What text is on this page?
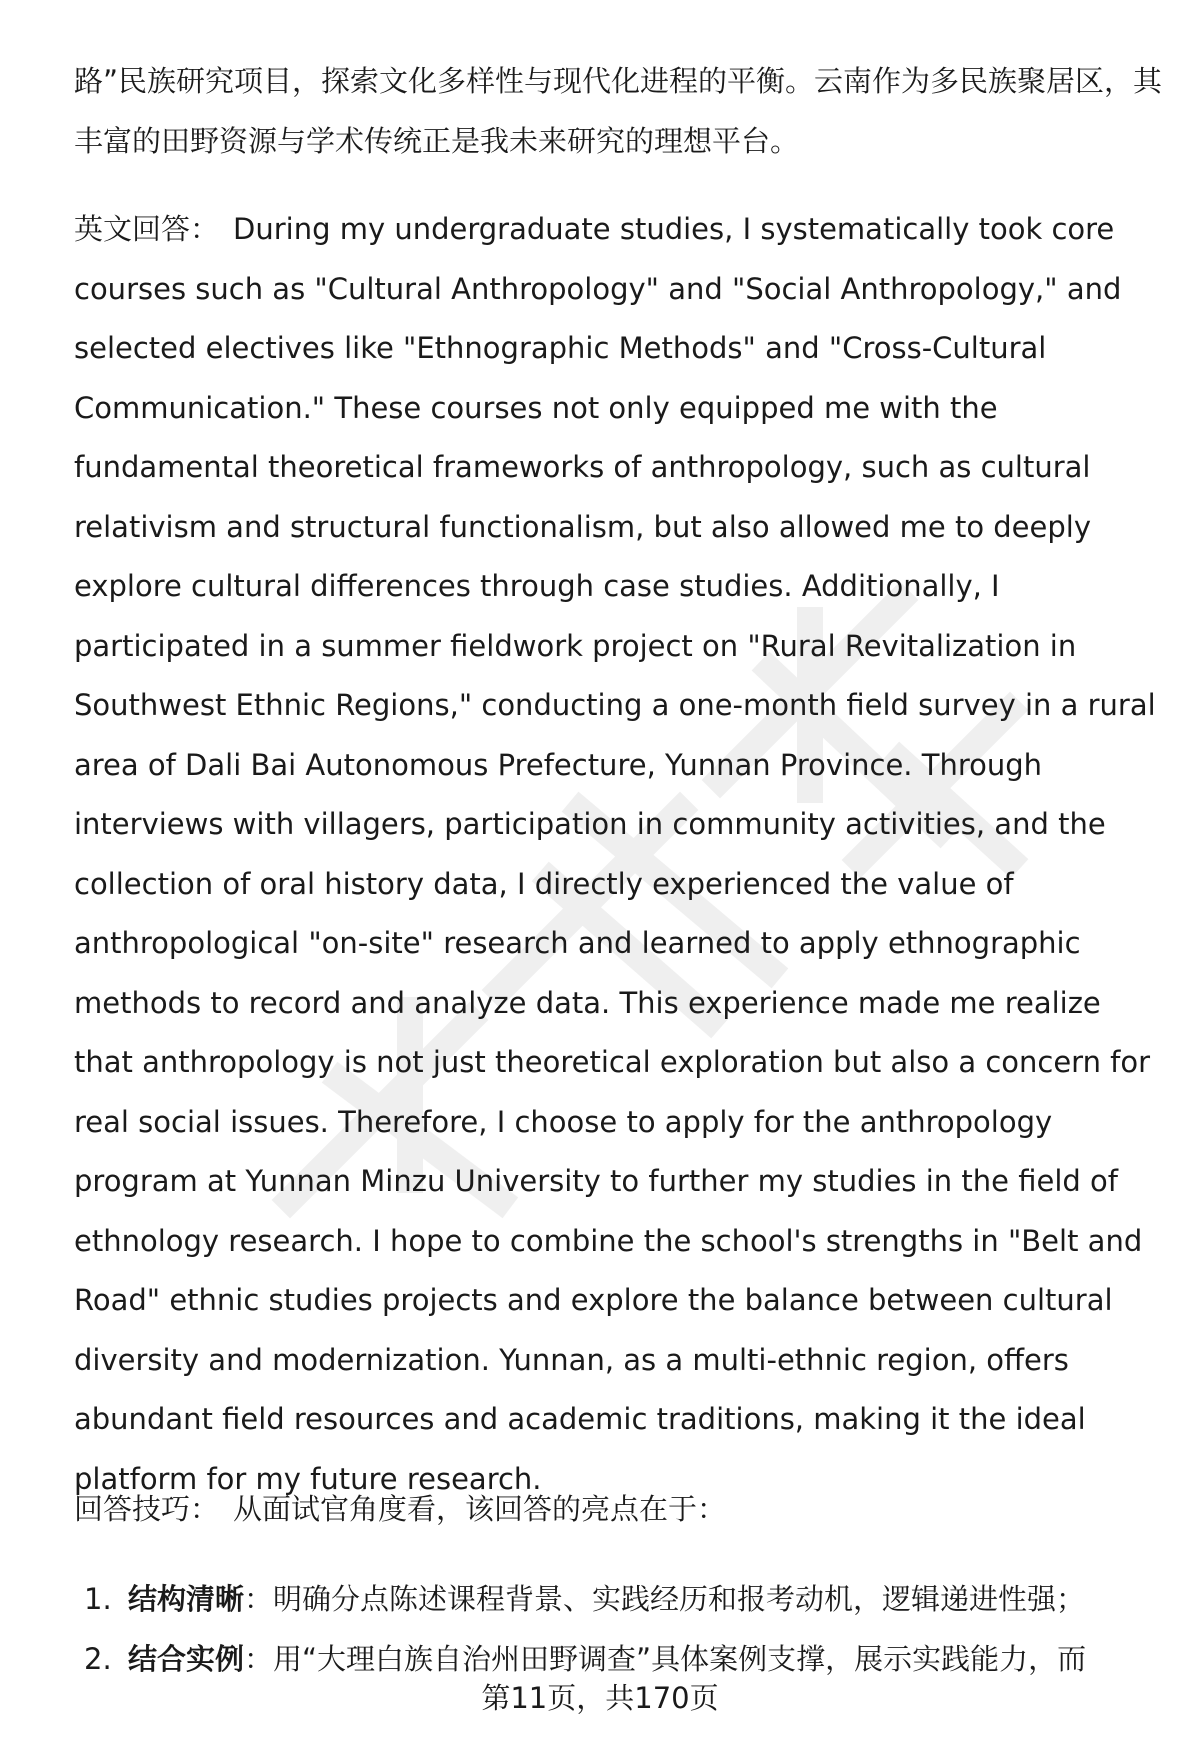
路”民族研究项目，探索文化多样性与现代化进程的平衡。云南作为多民族聚居区，其丰富的田野资源与学术传统正是我未来研究的理想平台。

英文回答： During my undergraduate studies, I systematically took core courses such as "Cultural Anthropology" and "Social Anthropology," and selected electives like "Ethnographic Methods" and "Cross-Cultural Communication." These courses not only equipped me with the fundamental theoretical frameworks of anthropology, such as cultural relativism and structural functionalism, but also allowed me to deeply explore cultural differences through case studies. Additionally, I participated in a summer fieldwork project on "Rural Revitalization in Southwest Ethnic Regions," conducting a one-month field survey in a rural area of Dali Bai Autonomous Prefecture, Yunnan Province. Through interviews with villagers, participation in community activities, and the collection of oral history data, I directly experienced the value of anthropological "on-site" research and learned to apply ethnographic methods to record and analyze data. This experience made me realize that anthropology is not just theoretical exploration but also a concern for real social issues. Therefore, I choose to apply for the anthropology program at Yunnan Minzu University to further my studies in the field of ethnology research. I hope to combine the school's strengths in "Belt and Road" ethnic studies projects and explore the balance between cultural diversity and modernization. Yunnan, as a multi-ethnic region, offers abundant field resources and academic traditions, making it the ideal platform for my future research.

回答技巧： 从面试官角度看，该回答的亮点在于：

1. 结构清晰：明确分点陈述课程背景、实践经历和报考动机，逻辑递进性强；
2. 结合实例：用“大理白族自治州田野调查”具体案例支撑，展示实践能力，而
第11页，共170页
